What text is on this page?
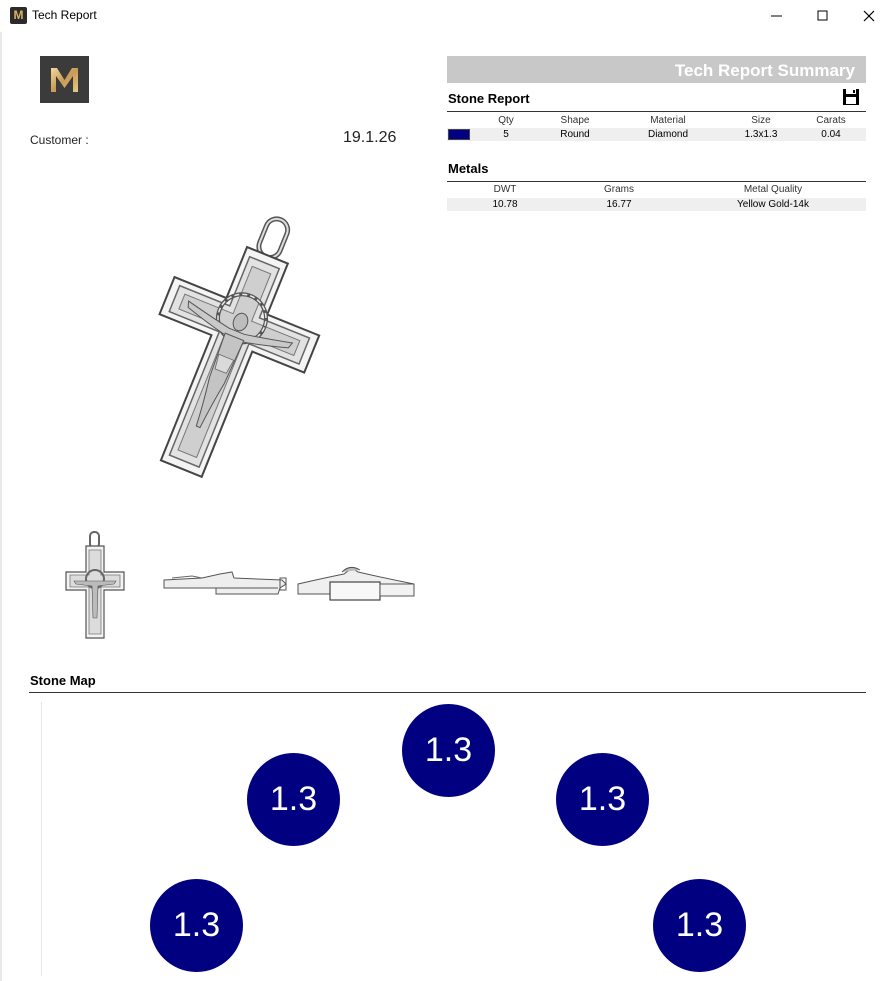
M Tech Report
Customer :	19.1.26
Tech Report Summary
Stone Report
Qty	Shape	Material	Size	Carats
5	Round	Diamond	1.3x1.3	0.04
Metals
DWT	Grams	Metal Quality
10.78	16.77	Yellow Gold-14k
Stone Map
1.3
1.3	1.3
1.3	1.3
